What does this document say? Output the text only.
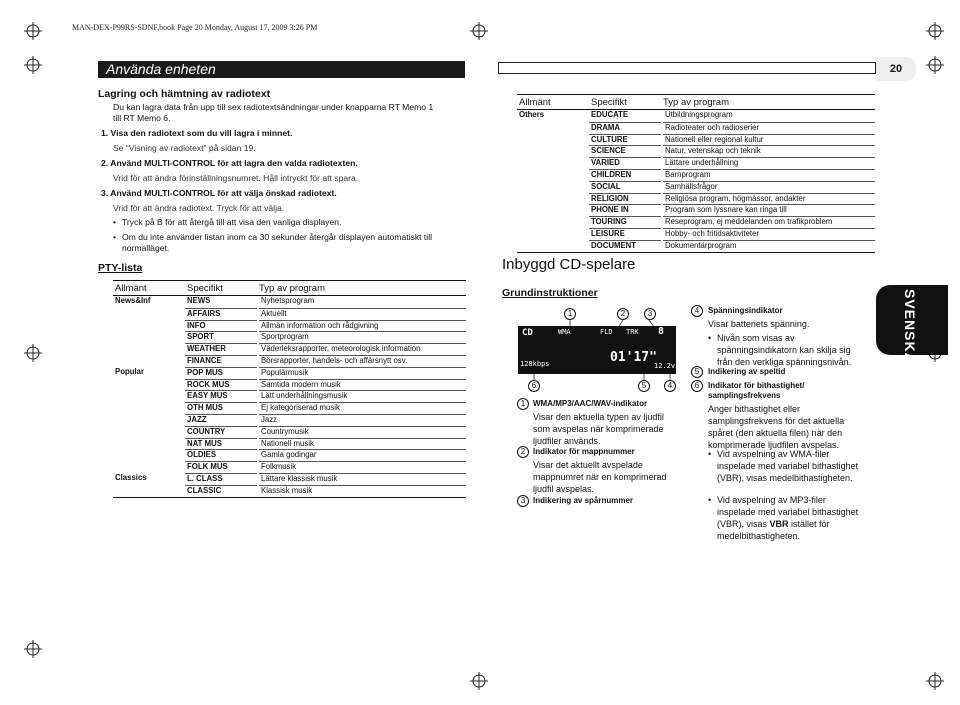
MAN-DEX-P99RS-SDNF.book Page 20 Monday, August 17, 2009 3:26 PM
Använda enheten	20
SVENSKA
Lagring och hämtning av radiotext
Du kan lagra data från upp till sex radiotextsändningar under knapparna RT Memo 1
till RT Memo 6.
1. Visa den radiotext som du vill lagra i minnet.
Se “Visning av radiotext” på sidan 19.
2. Använd MULTI-CONTROL för att lagra den valda radiotexten.
Vrid för att ändra förinställningsnumret. Håll intryckt för att spara.
3. Använd MULTI-CONTROL för att välja önskad radiotext.
Vrid för att ändra radiotext. Tryck för att välja.
• Tryck på B för att återgå till att visa den vanliga displayen.
• Om du inte använder listan inom ca 30 sekunder återgår displayen automatiskt till
normalläget.
PTY-lista
Allmänt	Specifikt	Typ av program
News&Inf	NEWS	Nyhetsprogram

	AFFAIRS	Aktuellt

	INFO	Allmän information och rådgivning

	SPORT	Sportprogram

	WEATHER	Väderleksrapporter, meteorologisk information

	FINANCE	Börsrapporter, handels- och affärsnytt osv.

Popular	POP MUS	Populärmusik

	ROCK MUS	Samtida modern musik

	EASY MUS	Lätt underhållningsmusik

	OTH MUS	Ej kategoriserad musik

	JAZZ	Jazz

	COUNTRY	Countrymusik

	NAT MUS	Nationell musik

	OLDIES	Gamla godingar

	FOLK MUS	Folkmusik

Classics	L. CLASS	Lättare klassisk musik

	CLASSIC	Klassisk musik
Allmänt	Specifikt	Typ av program
Others	EDUCATE	Utbildningsprogram

	DRAMA	Radioteater och radioserier

	CULTURE	Nationell eller regional kultur

	SCIENCE	Natur, vetenskap och teknik

	VARIED	Lättare underhållning

	CHILDREN	Barnprogram

	SOCIAL	Samhällsfrågor

	RELIGION	Religiösa program, högmässor, andakter

	PHONE IN	Program som lyssnare kan ringa till

	TOURING	Reseprogram, ej meddelanden om trafikproblem

	LEISURE	Hobby- och fritidsaktiviteter

	DOCUMENT	Dokumentärprogram
Inbyggd CD-spelare
Grundinstruktioner
1	2	3
CD	WMA	FLD TRK 8
128kbps	01'17"
12.2v
6	5	4
1 WMA/MP3/AAC/WAV-indikator
Visar den aktuella typen av ljudfil som avspelas när komprimerade ljudfiler används.
2 Indikator för mappnummer
Visar det aktuellt avspelade mappnumret när en komprimerad ljudfil avspelas.
3 Indikering av spårnummer
4	Spänningsindikator
Visar batteriets spänning.
• Nivån som visas av spänningsindikatorn kan skilja sig från den verkliga spänningsnivån.
5	Indikering av speltid
6	Indikator för bithastighet/
samplingsfrekvens
Anger bithastighet eller samplingsfrekvens för det aktuella spåret (den aktuella filen) när den komprimerade ljudfilen avspelas.
• Vid avspelning av WMA-filer inspelade med variabel bithastighet (VBR), visas medelbithastigheten.
• Vid avspelning av MP3-filer inspelade med variabel bithastighet (VBR), visas VBR istället för medelbithastigheten.
